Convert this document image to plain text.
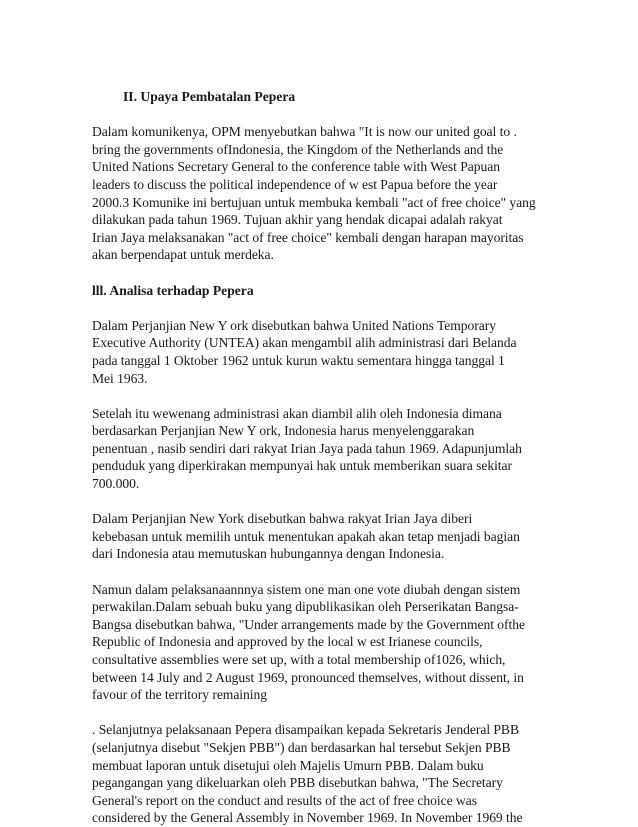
II. Upaya Pembatalan Pepera
Dalam komunikenya, OPM menyebutkan bahwa "It is now our united goal to .
bring the governments ofIndonesia, the Kingdom of the Netherlands and the
United Nations Secretary General to the conference table with West Papuan
leaders to discuss the political independence of w est Papua before the year
2000.3 Komunike ini bertujuan untuk membuka kembali "act of free choice" yang
dilakukan pada tahun 1969. Tujuan akhir yang hendak dicapai adalah rakyat
Irian Jaya melaksanakan "act of free choice" kembali dengan harapan mayoritas
akan berpendapat untuk merdeka.
lll. Analisa terhadap Pepera
Dalam Perjanjian New Y ork disebutkan bahwa United Nations Temporary
Executive Authority (UNTEA) akan mengambil alih administrasi dari Belanda
pada tanggal 1 Oktober 1962 untuk kurun waktu sementara hingga tanggal 1
Mei 1963.
Setelah itu wewenang administrasi akan diambil alih oleh Indonesia dimana
berdasarkan Perjanjian New Y ork, Indonesia harus menyelenggarakan
penentuan , nasib sendiri dari rakyat Irian Jaya pada tahun 1969. Adapunjumlah
penduduk yang diperkirakan mempunyai hak untuk memberikan suara sekitar
700.000.
Dalam Perjanjian New York disebutkan bahwa rakyat Irian Jaya diberi
kebebasan untuk memilih untuk menentukan apakah akan tetap menjadi bagian
dari Indonesia atau memutuskan hubungannya dengan Indonesia.
Namun dalam pelaksanaannnya sistem one man one vote diubah dengan sistem
perwakilan.Dalam sebuah buku yang dipublikasikan oleh Perserikatan Bangsa-
Bangsa disebutkan bahwa, "Under arrangements made by the Government ofthe
Republic of Indonesia and approved by the local w est Irianese councils,
consultative assemblies were set up, with a total membership of1026, which,
between 14 July and 2 August 1969, pronounced themselves, without dissent, in
favour of the territory remaining
. Selanjutnya pelaksanaan Pepera disampaikan kepada Sekretaris Jenderal PBB
(selanjutnya disebut "Sekjen PBB") dan berdasarkan hal tersebut Sekjen PBB
membuat laporan untuk disetujui oleh Majelis Umurn PBB. Dalam buku
pegangangan yang dikeluarkan oleh PBB disebutkan bahwa, "The Secretary
General's report on the conduct and results of the act of free choice was
considered by the General Assembly in November 1969. In November 1969 the
